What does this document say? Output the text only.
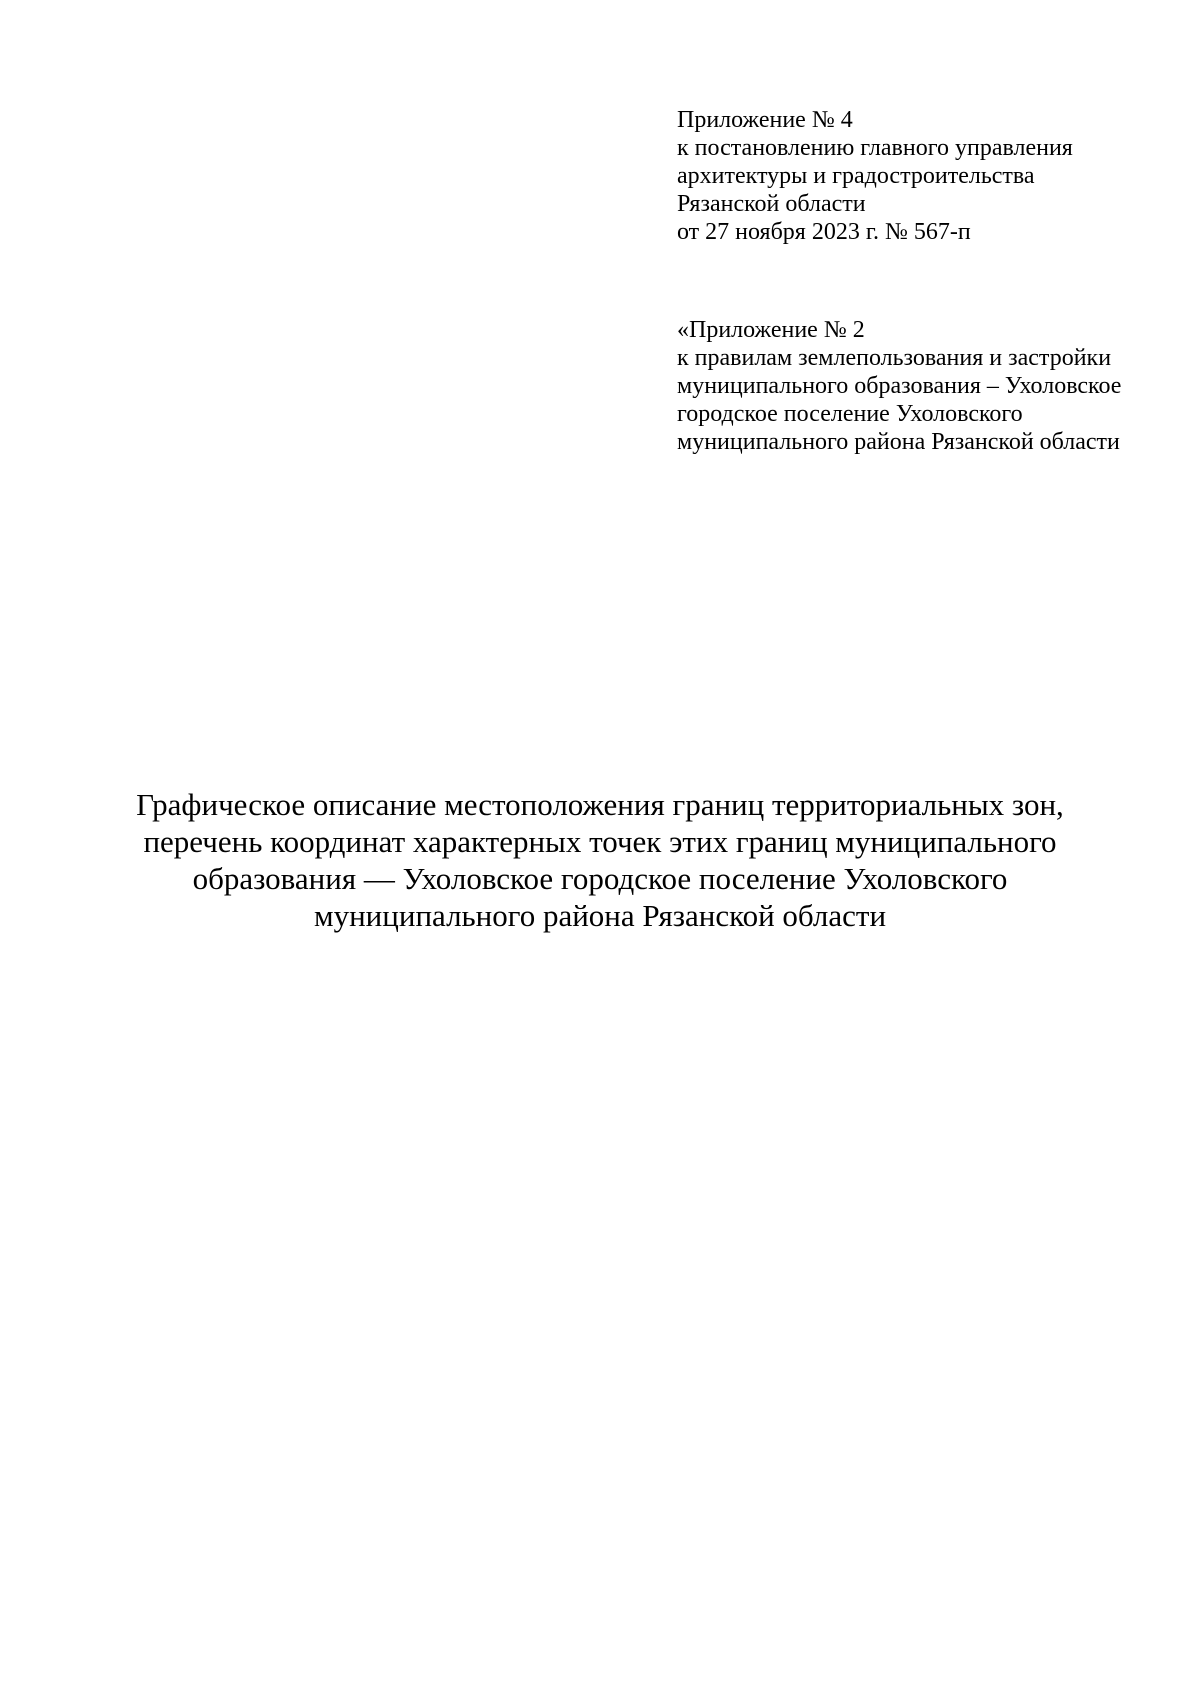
Приложение № 4
к постановлению главного управления
архитектуры и градостроительства
Рязанской области
от 27 ноября 2023 г. № 567-п
«Приложение № 2
к правилам землепользования и застройки
муниципального образования – Ухоловское
городское поселение Ухоловского
муниципального района Рязанской области
Графическое описание местоположения границ территориальных зон,
перечень координат характерных точек этих границ муниципального
образования — Ухоловское городское поселение Ухоловского
муниципального района Рязанской области
